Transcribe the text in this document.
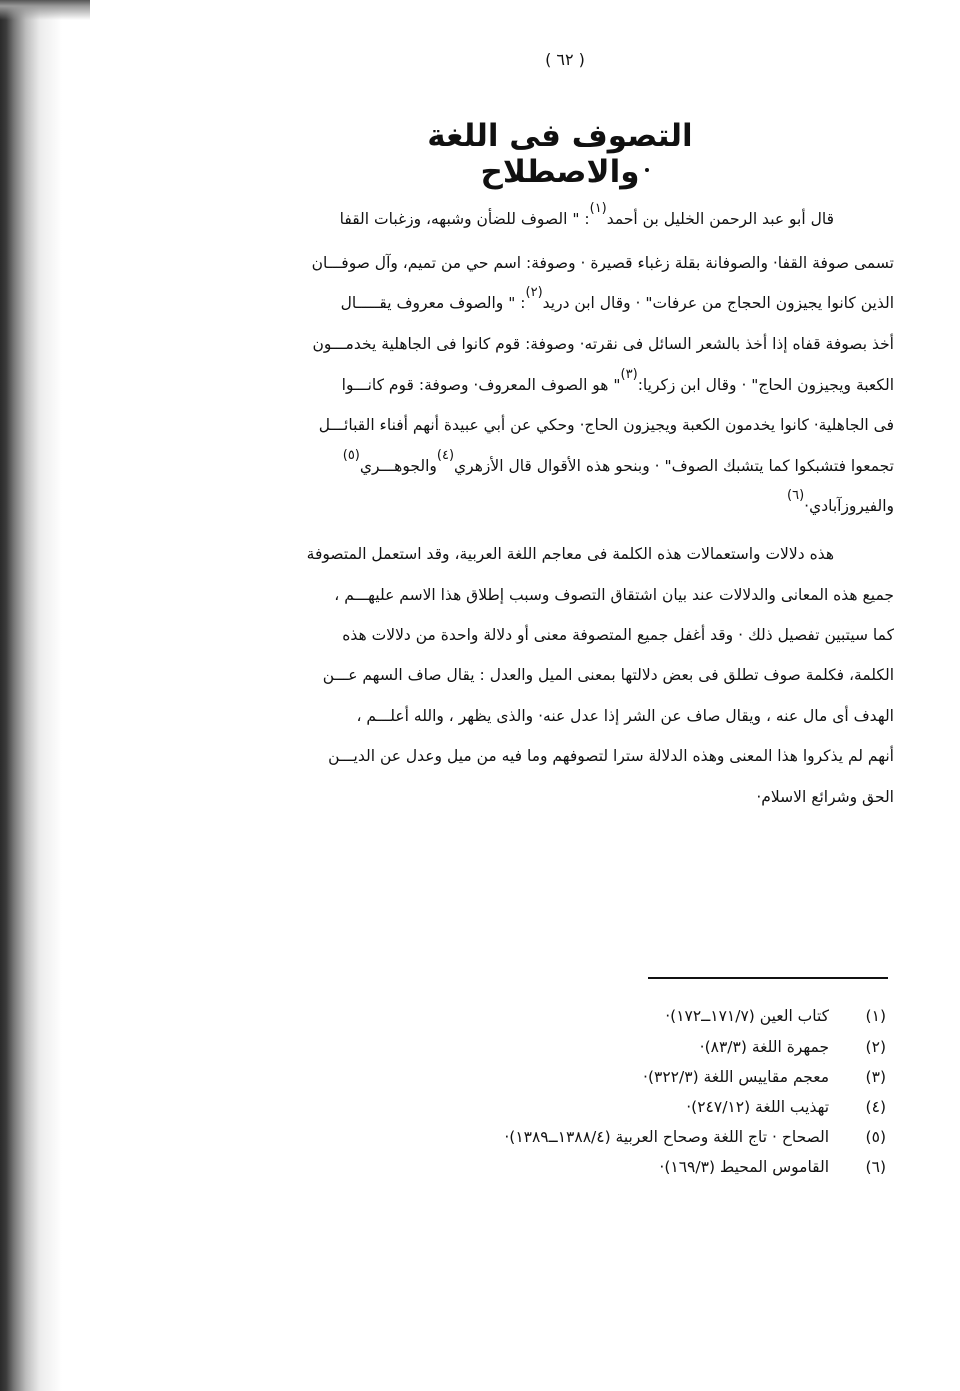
( ٦٢ )
التصوف فى اللغة والاصطلاح
قال أبو عبد الرحمن الخليل بن أحمد$^{(١)}$: " الصوف للضأن وشبهه، وزغبات القفا
تسمى صوفة القفا· والصوفانة بقلة زغباء قصيرة · وصوفة: اسم حي من تميم، وآل صوفـــان
الذين كانوا يجيزون الحجاج من عرفات" · وقال ابن دريد$^{(٢)}$: " والصوف معروف يقـــــال
أخذ بصوفة قفاه إذا أخذ بالشعر السائل فى نقرته· وصوفة: قوم كانوا فى الجاهلية يخدمـــون
الكعبة ويجيزون الحاج" · وقال ابن زكريا:$^{(٣)}$" هو الصوف المعروف· وصوفة: قوم كانـــوا
فى الجاهلية· كانوا يخدمون الكعبة ويجيزون الحاج· وحكي عن أبي عبيدة أنهم أفناء القبائـــل
تجمعوا فتشبكوا كما يتشبك الصوف" · وبنحو هذه الأقوال قال الأزهري$^{(٤)}$والجوهـــري$^{(٥)}$
والفيروزآبادي·$^{(٦)}$
هذه دلالات واستعمالات هذه الكلمة فى معاجم اللغة العربية، وقد استعمل المتصوفة
جميع هذه المعانى والدلالات عند بيان اشتقاق التصوف وسبب إطلاق هذا الاسم عليهـــم ،
كما سيتبين تفصيل ذلك · وقد أغفل جميع المتصوفة معنى أو دلالة واحدة من دلالات هذه
الكلمة، فكلمة صوف تطلق فى بعض دلالتها بمعنى الميل والعدل : يقال صاف السهم عـــن
الهدف أى مال عنه ، ويقال صاف عن الشر إذا عدل عنه· والذى يظهر ، والله أعلـــم ،
أنهم لم يذكروا هذا المعنى وهذه الدلالة سترا لتصوفهم وما فيه من ميل وعدل عن الديـــن
الحق وشرائع الاسلام·
(١) كتاب العين (١٧١/٧ــ١٧٢)·
(٢) جمهرة اللغة (٨٣/٣)·
(٣) معجم مقاييس اللغة (٣٢٢/٣)·
(٤) تهذيب اللغة (٢٤٧/١٢)·
(٥) الصحاح · تاج اللغة وصحاح العربية (١٣٨٨/٤ــ١٣٨٩)·
(٦) القاموس المحيط (١٦٩/٣)·
